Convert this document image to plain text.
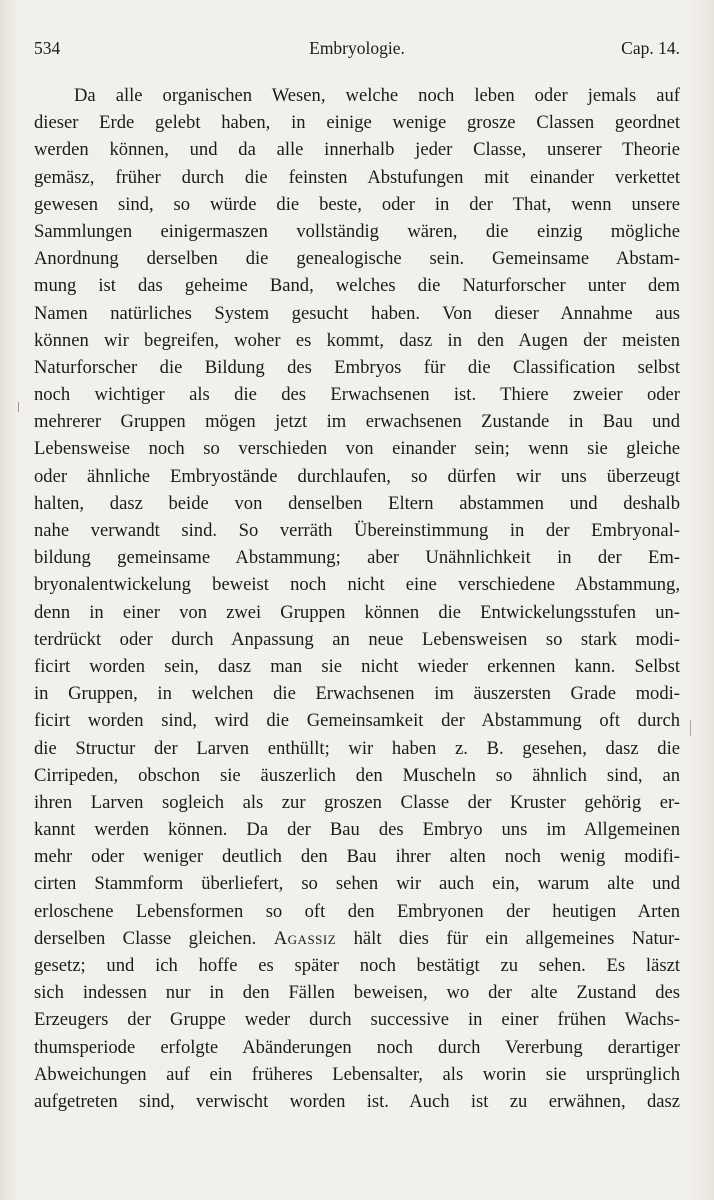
534	Embryologie.	Cap. 14.
Da alle organischen Wesen, welche noch leben oder jemals auf
dieser Erde gelebt haben, in einige wenige grosze Classen geordnet
werden können, und da alle innerhalb jeder Classe, unserer Theorie
gemäsz, früher durch die feinsten Abstufungen mit einander verkettet
gewesen sind, so würde die beste, oder in der That, wenn unsere
Sammlungen einigermaszen vollständig wären, die einzig mögliche
Anordnung derselben die genealogische sein. Gemeinsame Abstam-
mung ist das geheime Band, welches die Naturforscher unter dem
Namen natürliches System gesucht haben. Von dieser Annahme aus
können wir begreifen, woher es kommt, dasz in den Augen der meisten
Naturforscher die Bildung des Embryos für die Classification selbst
noch wichtiger als die des Erwachsenen ist. Thiere zweier oder
mehrerer Gruppen mögen jetzt im erwachsenen Zustande in Bau und
Lebensweise noch so verschieden von einander sein; wenn sie gleiche
oder ähnliche Embryostände durchlaufen, so dürfen wir uns überzeugt
halten, dasz beide von denselben Eltern abstammen und deshalb
nahe verwandt sind. So verräth Übereinstimmung in der Embryonal-
bildung gemeinsame Abstammung; aber Unähnlichkeit in der Em-
bryonalentwickelung beweist noch nicht eine verschiedene Abstammung,
denn in einer von zwei Gruppen können die Entwickelungsstufen un-
terdrückt oder durch Anpassung an neue Lebensweisen so stark modi-
ficirt worden sein, dasz man sie nicht wieder erkennen kann. Selbst
in Gruppen, in welchen die Erwachsenen im äuszersten Grade modi-
ficirt worden sind, wird die Gemeinsamkeit der Abstammung oft durch
die Structur der Larven enthüllt; wir haben z. B. gesehen, dasz die
Cirripeden, obschon sie äuszerlich den Muscheln so ähnlich sind, an
ihren Larven sogleich als zur groszen Classe der Kruster gehörig er-
kannt werden können. Da der Bau des Embryo uns im Allgemeinen
mehr oder weniger deutlich den Bau ihrer alten noch wenig modifi-
cirten Stammform überliefert, so sehen wir auch ein, warum alte und
erloschene Lebensformen so oft den Embryonen der heutigen Arten
derselben Classe gleichen. Agassiz hält dies für ein allgemeines Natur-
gesetz; und ich hoffe es später noch bestätigt zu sehen. Es läszt
sich indessen nur in den Fällen beweisen, wo der alte Zustand des
Erzeugers der Gruppe weder durch successive in einer frühen Wachs-
thumsperiode erfolgte Abänderungen noch durch Vererbung derartiger
Abweichungen auf ein früheres Lebensalter, als worin sie ursprünglich
aufgetreten sind, verwischt worden ist. Auch ist zu erwähnen, dasz
